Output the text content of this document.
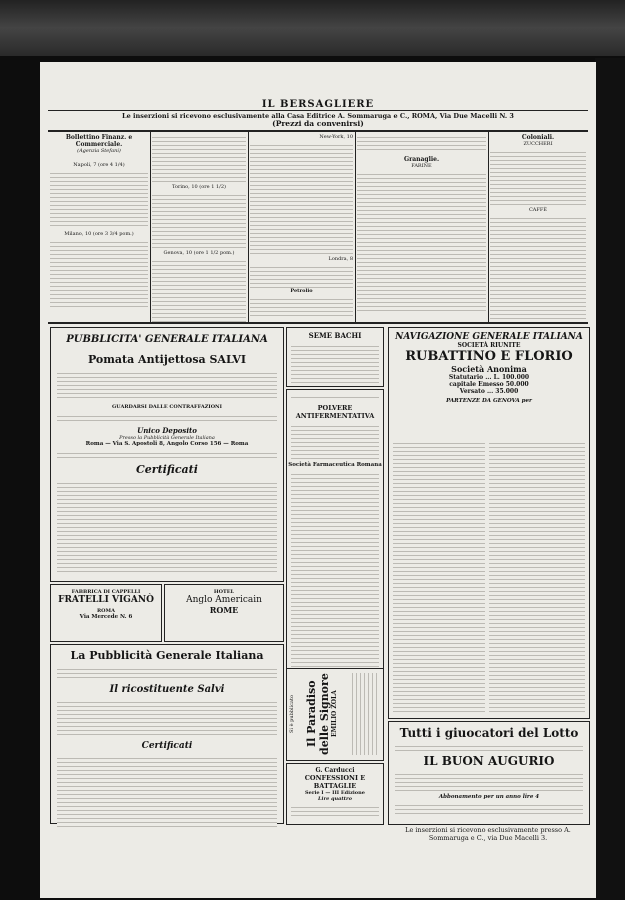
IL BERSAGLIERE
Le inserzioni si ricevono esclusivamente alla Casa Editrice A. Sommaruga e C., ROMA, Via Due Macelli N. 3
(Prezzi da convenirsi)
Bollettino Finanz. e Commerciale.
(Agenzia Stefani)
Napoli, 7 (ore 4 1/4)
Milano, 10 (ore 3 3/4 pom.)
Torino, 10 (ore 1 1/2)
Genova, 10 (ore 1 1/2 pom.)
New-York, 10
Londra, 8
Petrolio
Granaglie.
FARINE
Coloniali.
ZUCCHERI
CAFFÈ
PUBBLICITA' GENERALE ITALIANA
Pomata Antijettosa SALVI
GUARDARSI DALLE CONTRAFFAZIONI
Unico Deposito
Presso la Pubblicità Generale Italiana
Roma — Via S. Apostoli 8, Angolo Corso 156 — Roma
Certificati
FABBRICA DI CAPPELLI
FRATELLI VIGANÒ
ROMA
Via Mercede N. 6
HOTEL
Anglo Americain
ROME
La Pubblicità Generale Italiana
Il ricostituente Salvi
Certificati
SEME BACHI
POLVERE ANTIFERMENTATIVA
Società Farmaceutica Romana
G. Carducci
CONFESSIONI E BATTAGLIE
Serie I — III Edizione
Lire quattro
NAVIGAZIONE GENERALE ITALIANA
SOCIETÀ RIUNITE
RUBATTINO E FLORIO
Società Anonima
Statutario ... L. 100.000
capitale Emesso 50.000
Versato ... 35.000
PARTENZE DA GENOVA per
Tutti i giuocatori del Lotto
IL BUON AUGURIO
Abbonamento per un anno lire 4
Le inserzioni si ricevono esclusivamente presso A. Sommaruga e C., via Due Macelli 3.
Si è pubblicato Il Paradiso delle Signore EMILIO ZOLA
